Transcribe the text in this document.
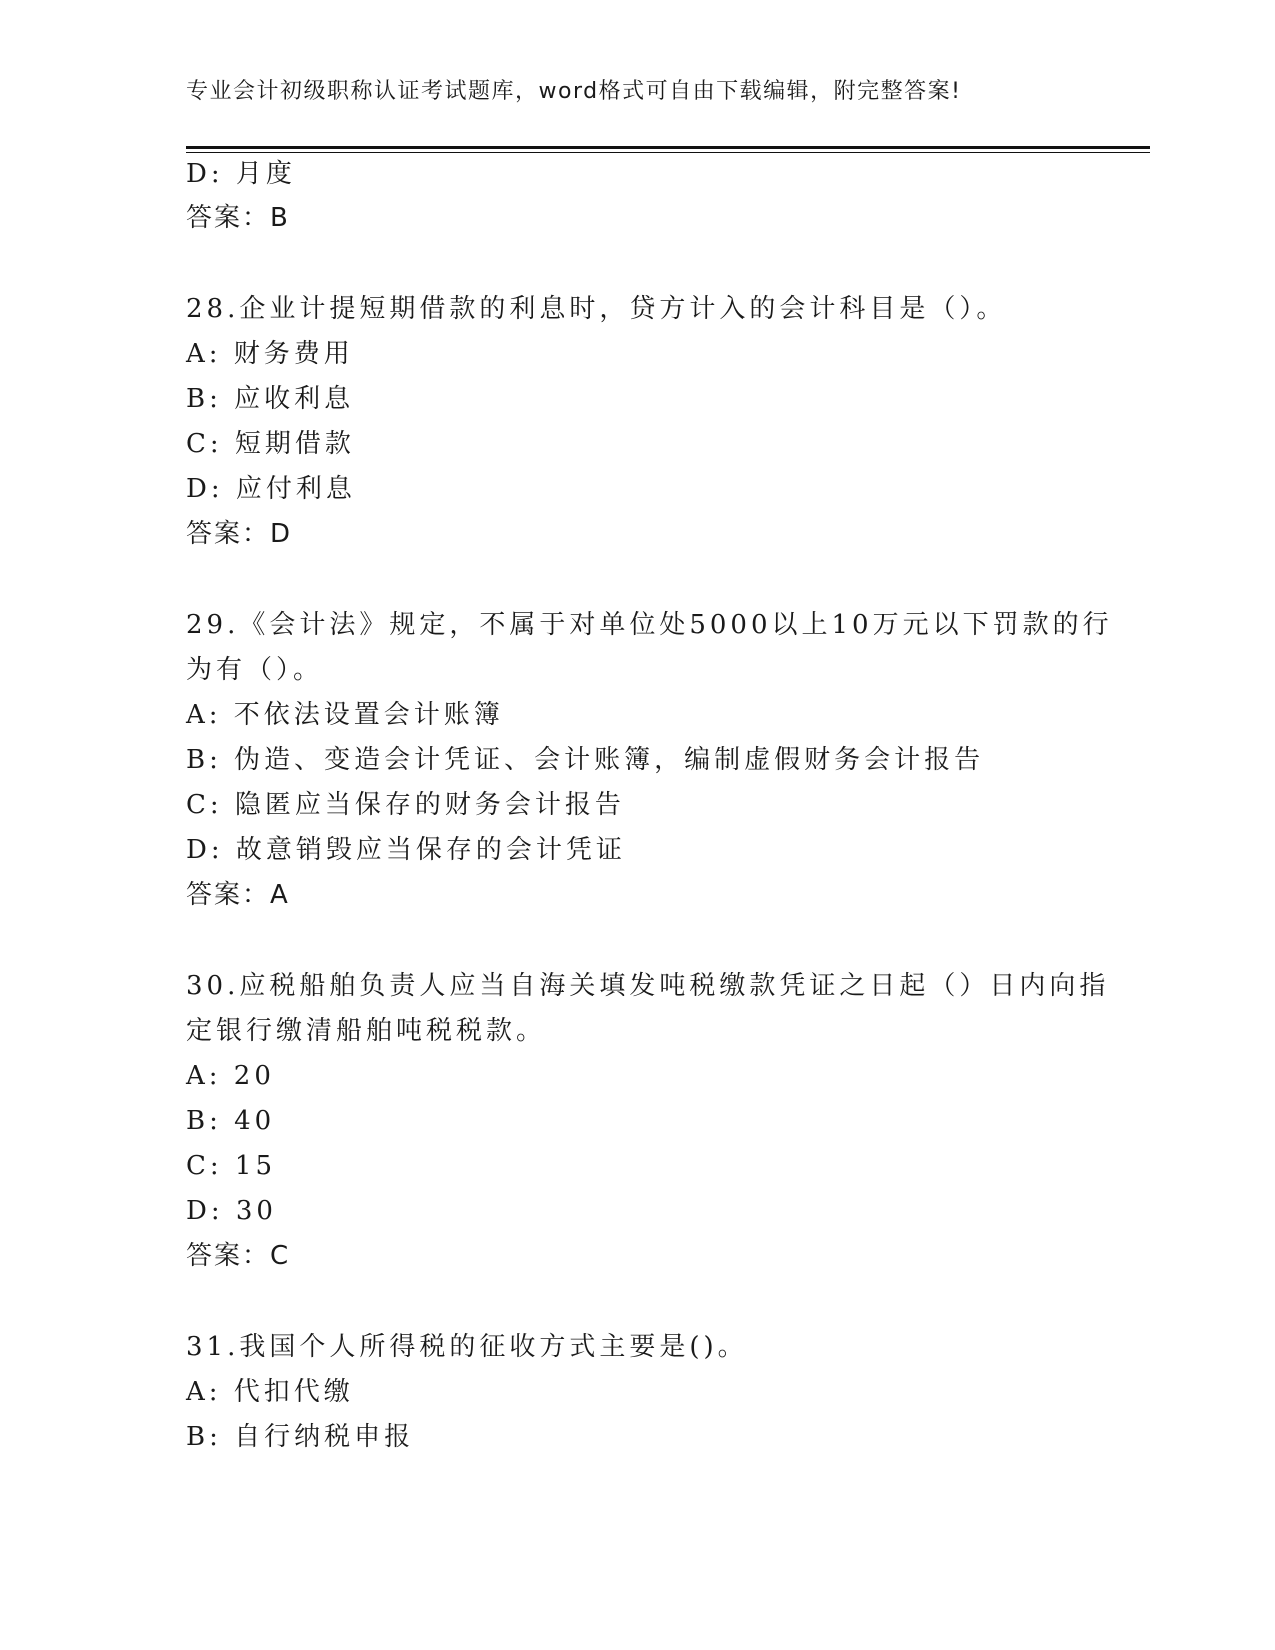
专业会计初级职称认证考试题库，word格式可自由下载编辑，附完整答案!
D: 月度
答案：B
28.企业计提短期借款的利息时，贷方计入的会计科目是（）。
A: 财务费用
B: 应收利息
C: 短期借款
D: 应付利息
答案：D
29.《会计法》规定，不属于对单位处5000以上10万元以下罚款的行
为有（）。
A: 不依法设置会计账簿
B: 伪造、变造会计凭证、会计账簿，编制虚假财务会计报告
C: 隐匿应当保存的财务会计报告
D: 故意销毁应当保存的会计凭证
答案：A
30.应税船舶负责人应当自海关填发吨税缴款凭证之日起（）日内向指
定银行缴清船舶吨税税款。
A: 20
B: 40
C: 15
D: 30
答案：C
31.我国个人所得税的征收方式主要是()。
A: 代扣代缴
B: 自行纳税申报
